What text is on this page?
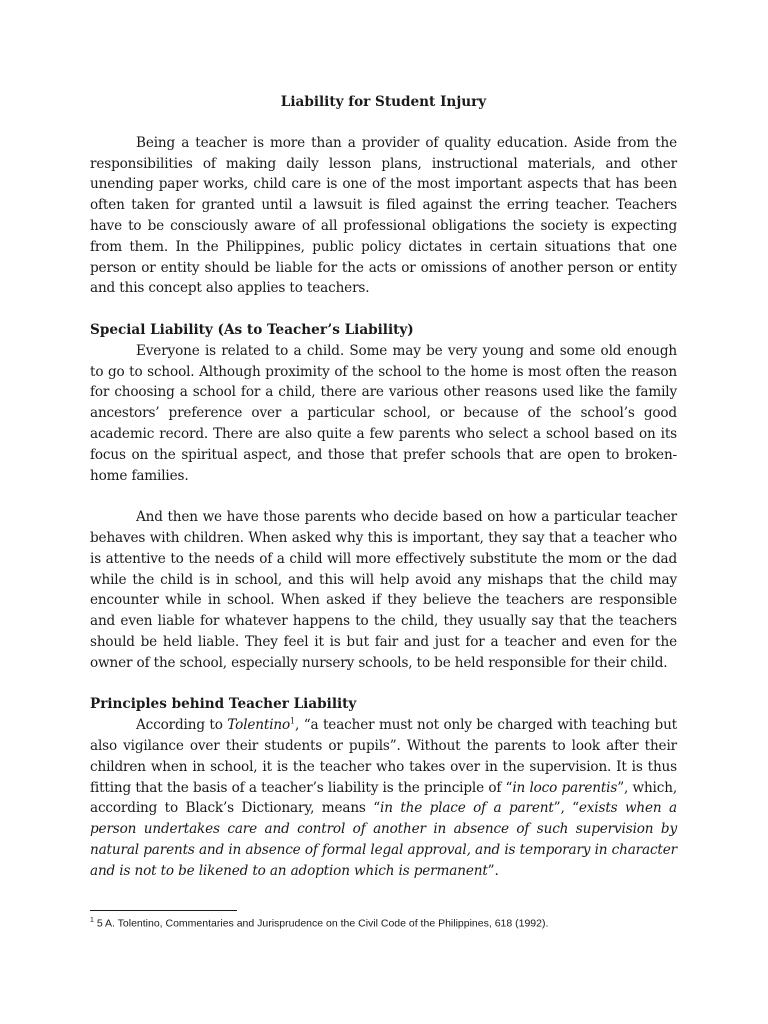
Liability for Student Injury

Being a teacher is more than a provider of quality education. Aside from the responsibilities of making daily lesson plans, instructional materials, and other unending paper works, child care is one of the most important aspects that has been often taken for granted until a lawsuit is filed against the erring teacher. Teachers have to be consciously aware of all professional obligations the society is expecting from them. In the Philippines, public policy dictates in certain situations that one person or entity should be liable for the acts or omissions of another person or entity and this concept also applies to teachers.

Special Liability (As to Teacher’s Liability)

Everyone is related to a child. Some may be very young and some old enough to go to school. Although proximity of the school to the home is most often the reason for choosing a school for a child, there are various other reasons used like the family ancestors’ preference over a particular school, or because of the school’s good academic record. There are also quite a few parents who select a school based on its focus on the spiritual aspect, and those that prefer schools that are open to broken-home families.

And then we have those parents who decide based on how a particular teacher behaves with children. When asked why this is important, they say that a teacher who is attentive to the needs of a child will more effectively substitute the mom or the dad while the child is in school, and this will help avoid any mishaps that the child may encounter while in school. When asked if they believe the teachers are responsible and even liable for whatever happens to the child, they usually say that the teachers should be held liable. They feel it is but fair and just for a teacher and even for the owner of the school, especially nursery schools, to be held responsible for their child.

Principles behind Teacher Liability

According to Tolentino$^1$, “a teacher must not only be charged with teaching but also vigilance over their students or pupils”. Without the parents to look after their children when in school, it is the teacher who takes over in the supervision. It is thus fitting that the basis of a teacher’s liability is the principle of “in loco parentis”, which, according to Black’s Dictionary, means “in the place of a parent”, “exists when a person undertakes care and control of another in absence of such supervision by natural parents and in absence of formal legal approval, and is temporary in character and is not to be likened to an adoption which is permanent”.

$^1$ 5 A. Tolentino, Commentaries and Jurisprudence on the Civil Code of the Philippines, 618 (1992).
